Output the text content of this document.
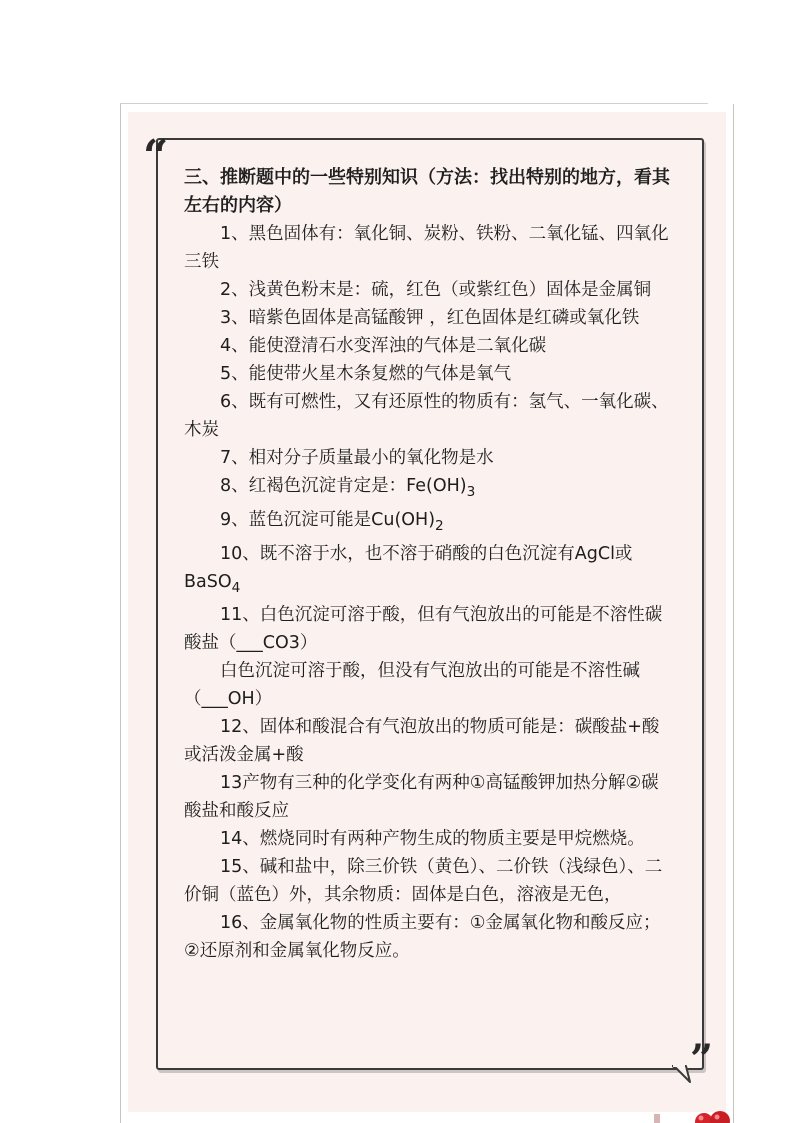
“
”
三、推断题中的一些特别知识（方法：找出特别的地方，看其左右的内容）
1、黑色固体有：氧化铜、炭粉、铁粉、二氧化锰、四氧化三铁
2、浅黄色粉末是：硫，红色（或紫红色）固体是金属铜
3、暗紫色固体是高锰酸钾 ，红色固体是红磷或氧化铁
4、能使澄清石水变浑浊的气体是二氧化碳
5、能使带火星木条复燃的气体是氧气
6、既有可燃性，又有还原性的物质有：氢气、一氧化碳、木炭
7、相对分子质量最小的氧化物是水
8、红褐色沉淀肯定是：$Fe(OH)_3$
9、蓝色沉淀可能是$Cu(OH)_2$
10、既不溶于水，也不溶于硝酸的白色沉淀有AgCl或BaSO$_4$
11、白色沉淀可溶于酸，但有气泡放出的可能是不溶性碳酸盐（___CO3）
白色沉淀可溶于酸，但没有气泡放出的可能是不溶性碱（___OH）
12、固体和酸混合有气泡放出的物质可能是：碳酸盐+酸或活泼金属+酸
13产物有三种的化学变化有两种①高锰酸钾加热分解②碳酸盐和酸反应
14、燃烧同时有两种产物生成的物质主要是甲烷燃烧。
15、碱和盐中，除三价铁（黄色）、二价铁（浅绿色）、二价铜（蓝色）外，其余物质：固体是白色，溶液是无色，
16、金属氧化物的性质主要有：①金属氧化物和酸反应；②还原剂和金属氧化物反应。
